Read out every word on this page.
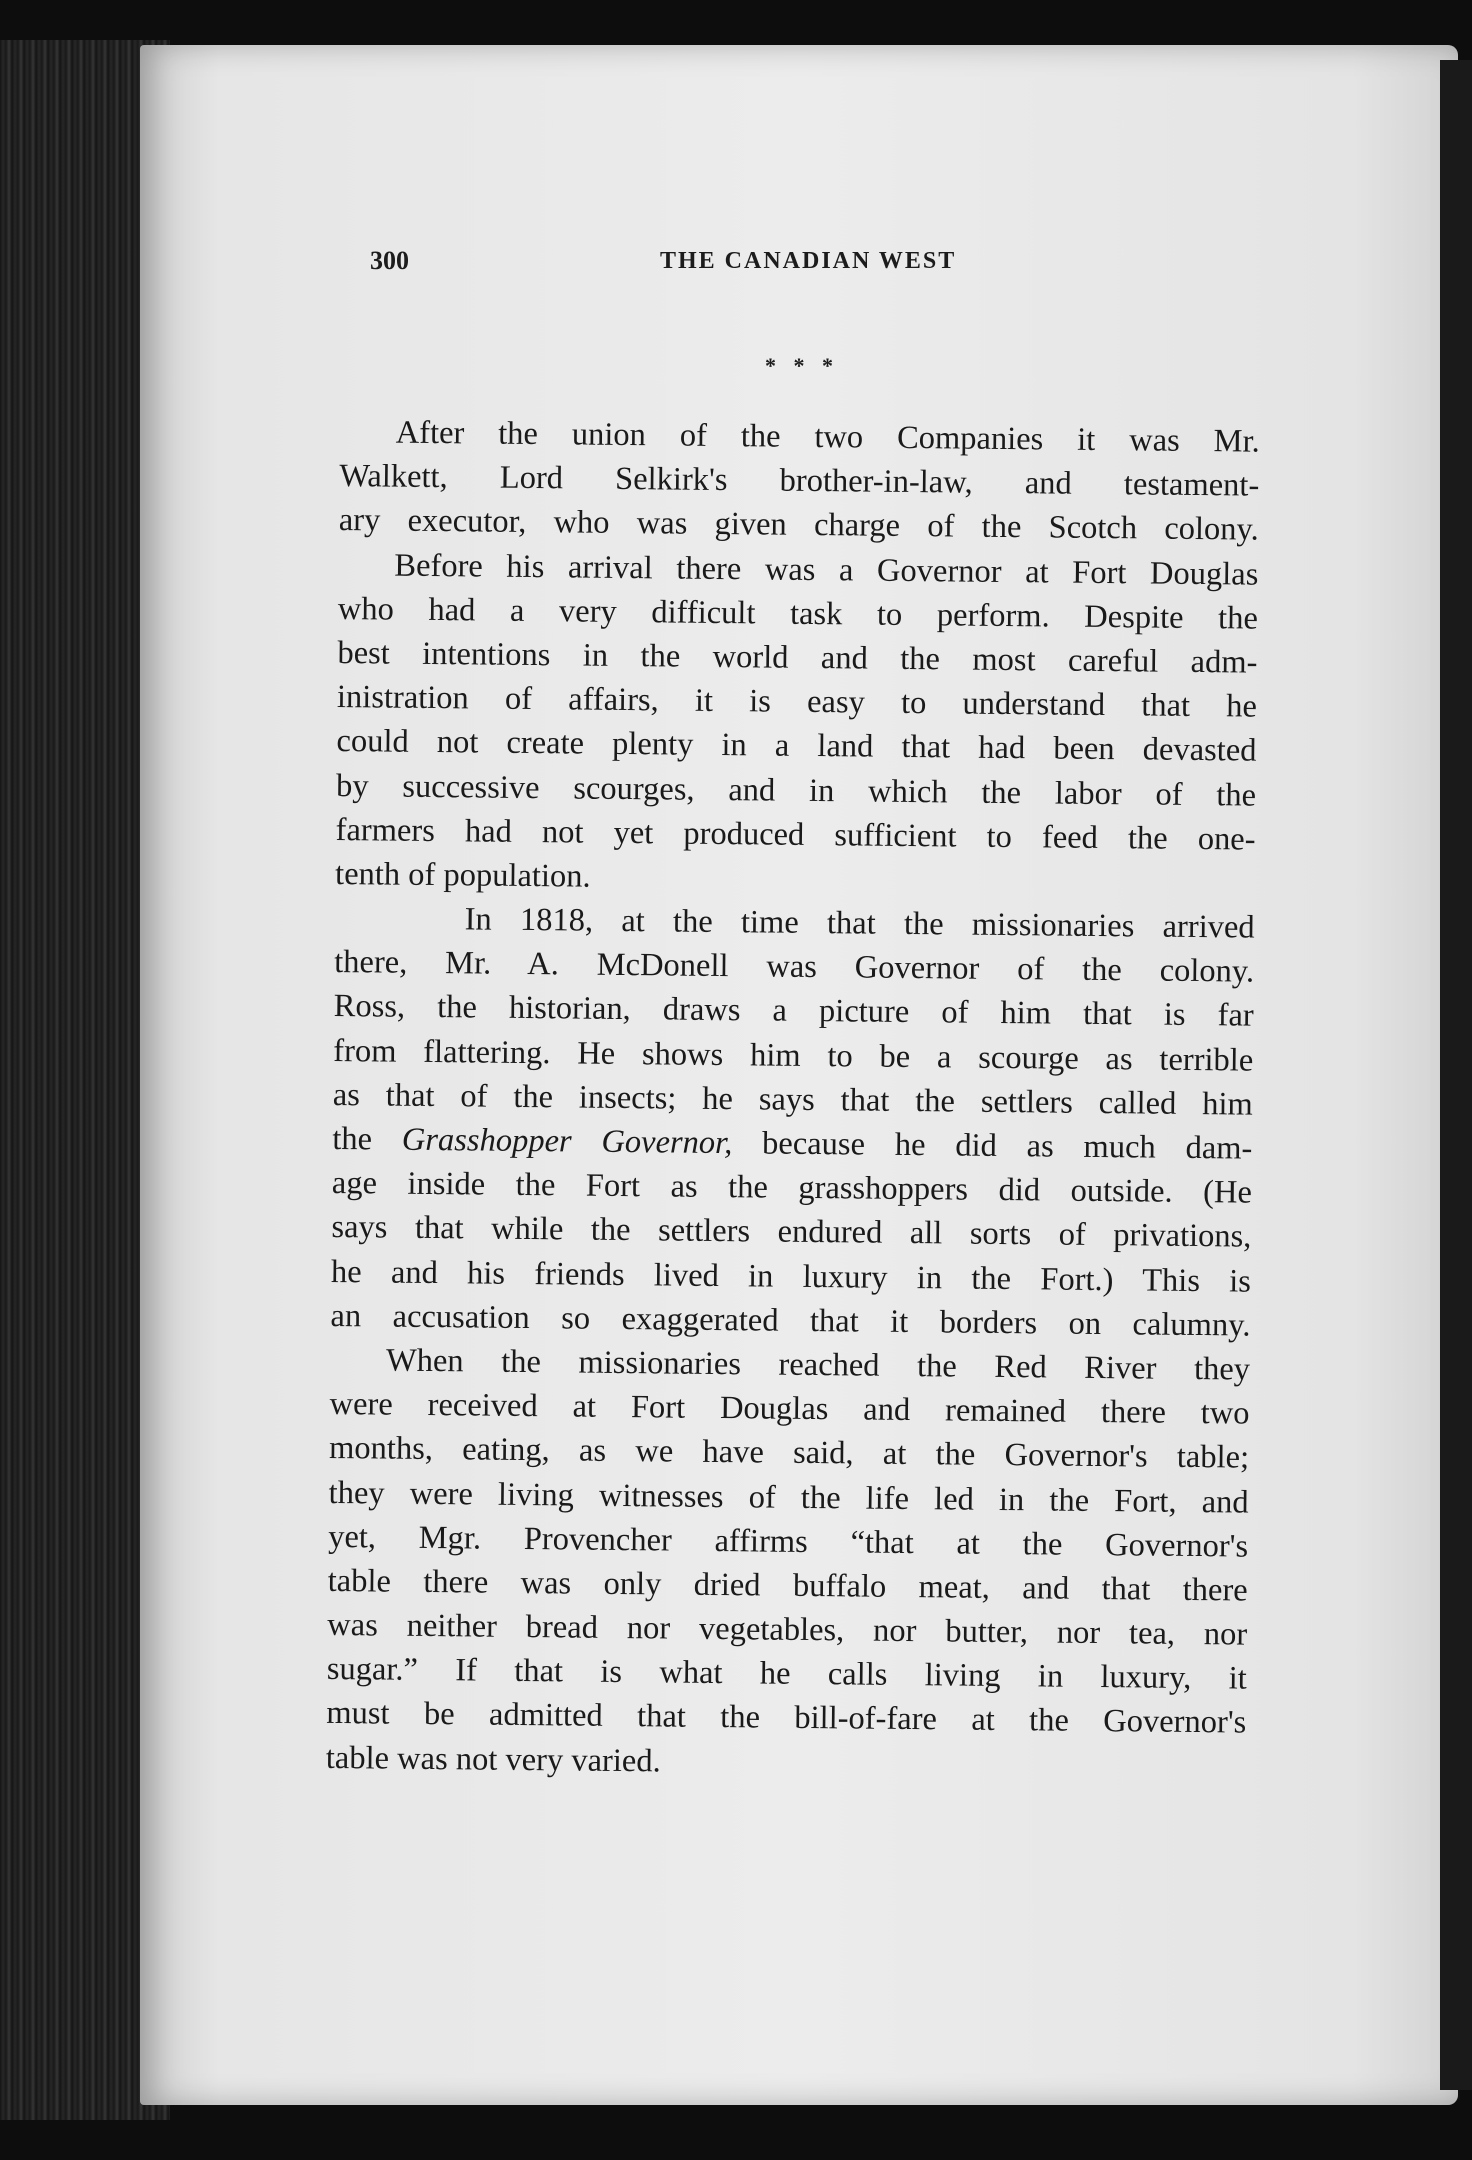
300	THE CANADIAN WEST
* * *
After the union of the two Companies it was Mr.
Walkett, Lord Selkirk's brother-in-law, and testament-
ary executor, who was given charge of the Scotch colony.
Before his arrival there was a Governor at Fort Douglas
who had a very difficult task to perform. Despite the
best intentions in the world and the most careful adm-
inistration of affairs, it is easy to understand that he
could not create plenty in a land that had been devasted
by successive scourges, and in which the labor of the
farmers had not yet produced sufficient to feed the one-
tenth of population.
In 1818, at the time that the missionaries arrived
there, Mr. A. McDonell was Governor of the colony.
Ross, the historian, draws a picture of him that is far
from flattering. He shows him to be a scourge as terrible
as that of the insects; he says that the settlers called him
the Grasshopper Governor, because he did as much dam-
age inside the Fort as the grasshoppers did outside. (He
says that while the settlers endured all sorts of privations,
he and his friends lived in luxury in the Fort.) This is
an accusation so exaggerated that it borders on calumny.
When the missionaries reached the Red River they
were received at Fort Douglas and remained there two
months, eating, as we have said, at the Governor's table;
they were living witnesses of the life led in the Fort, and
yet, Mgr. Provencher affirms “that at the Governor's
table there was only dried buffalo meat, and that there
was neither bread nor vegetables, nor butter, nor tea, nor
sugar.” If that is what he calls living in luxury, it
must be admitted that the bill-of-fare at the Governor's
table was not very varied.
